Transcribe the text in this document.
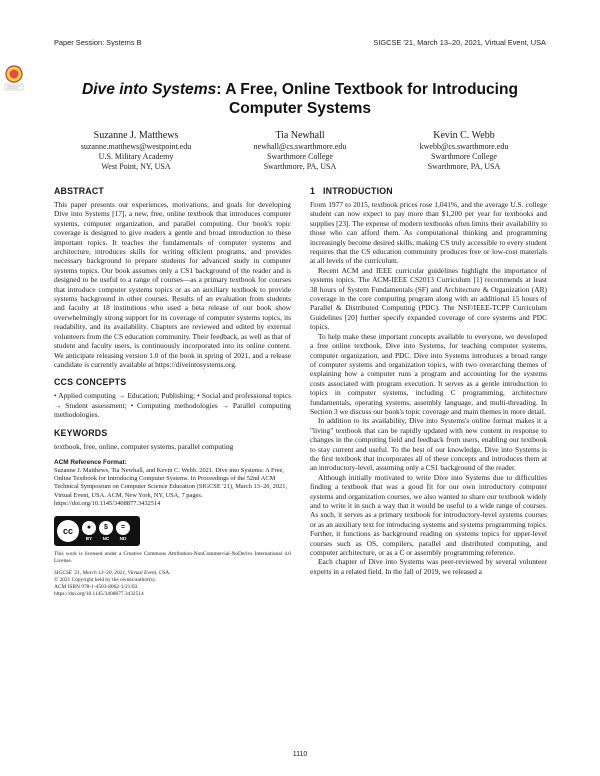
Paper Session: Systems B	SIGCSE '21, March 13–20, 2021, Virtual Event, USA
Dive into Systems: A Free, Online Textbook for Introducing
Computer Systems
Suzanne J. Matthews
suzanne.matthews@westpoint.edu
U.S. Military Academy
West Point, NY, USA
Tia Newhall
newhall@cs.swarthmore.edu
Swarthmore College
Swarthmore, PA, USA
Kevin C. Webb
kwebb@cs.swarthmore.edu
Swarthmore College
Swarthmore, PA, USA
ABSTRACT

This paper presents our experiences, motivations, and goals for developing Dive into Systems [17], a new, free, online textbook that introduces computer systems, computer organization, and parallel computing. Our book's topic coverage is designed to give readers a gentle and broad introduction to these important topics. It teaches the fundamentals of computer systems and architecture, introduces skills for writing efficient programs, and provides necessary background to prepare students for advanced study in computer systems topics. Our book assumes only a CS1 background of the reader and is designed to be useful to a range of courses—as a primary textbook for courses that introduce computer systems topics or as an auxiliary textbook to provide systems background in other courses. Results of an evaluation from students and faculty at 18 institutions who used a beta release of our book show overwhelmingly strong support for its coverage of computer systems topics, its readability, and its availability. Chapters are reviewed and edited by external volunteers from the CS education community. Their feedback, as well as that of student and faculty users, is continuously incorporated into its online content. We anticipate releasing version 1.0 of the book in spring of 2021, and a release candidate is currently available at https://diveintosystems.org.

CCS CONCEPTS

• Applied computing → Education; Publishing; • Social and professional topics → Student assessment; • Computing methodologies → Parallel computing methodologies.

KEYWORDS

textbook, free, online, computer systems, parallel computing

ACM Reference Format:

Suzanne J. Matthews, Tia Newhall, and Kevin C. Webb. 2021. Dive into Systems: A Free, Online Textbook for Introducing Computer Systems. In Proceedings of the 52nd ACM Technical Symposium on Computer Science Education (SIGCSE '21), March 13–20, 2021, Virtual Event, USA. ACM, New York, NY, USA, 7 pages. https://doi.org/10.1145/3408877.3432514

cc	●
BY
$
NC
=
ND

This work is licensed under a Creative Commons Attribution-NonCommercial-NoDerivs International 4.0 License.

SIGCSE '21, March 13–20, 2021, Virtual Event, USA.
© 2021 Copyright held by the owner/author(s).
ACM ISBN 978-1-4503-8062-1/21/03.
https://doi.org/10.1145/3408877.3432514
1   INTRODUCTION

From 1977 to 2015, textbook prices rose 1,041%, and the average U.S. college student can now expect to pay more than $1,200 per year for textbooks and supplies [23]. The expense of modern textbooks often limits their availability to those who can afford them. As computational thinking and programming increasingly become desired skills, making CS truly accessible to every student requires that the CS education community produces free or low-cost materials at all levels of the curriculum.

Recent ACM and IEEE curricular guidelines highlight the importance of systems topics. The ACM-IEEE CS2013 Curriculum [1] recommends at least 38 hours of System Fundamentals (SF) and Architecture & Organization (AR) coverage in the core computing program along with an additional 15 hours of Parallel & Distributed Computing (PDC). The NSF/IEEE-TCPP Curriculum Guidelines [20] further specify expanded coverage of core systems and PDC topics.

To help make these important concepts available to everyone, we developed a free online textbook, Dive into Systems, for teaching computer systems, computer organization, and PDC. Dive into Systems introduces a broad range of computer systems and organization topics, with two overarching themes of explaining how a computer runs a program and accounting for the systems costs associated with program execution. It serves as a gentle introduction to topics in computer systems, including C programming, architecture fundamentals, operating systems, assembly language, and multi-threading. In Section 3 we discuss our book's topic coverage and main themes in more detail.

In addition to its availability, Dive into Systems's online format makes it a "living" textbook that can be rapidly updated with new content in response to changes in the computing field and feedback from users, enabling our textbook to stay current and useful. To the best of our knowledge, Dive into Systems is the first textbook that incorporates all of these concepts and introduces them at an introductory-level, assuming only a CS1 background of the reader.

Although initially motivated to write Dive into Systems due to difficulties finding a textbook that was a good fit for our own introductory computer systems and organization courses, we also wanted to share our textbook widely and to write it in such a way that it would be useful to a wide range of courses. As such, it serves as a primary textbook for introductory-level systems courses or as an auxiliary text for introducing systems and systems programming topics. Further, it functions as background reading on systems topics for upper-level courses such as OS, compilers, parallel and distributed computing, and computer architecture, or as a C or assembly programming reference.

Each chapter of Dive into Systems was peer-reviewed by several volunteer experts in a related field. In the fall of 2019, we released a

1110
